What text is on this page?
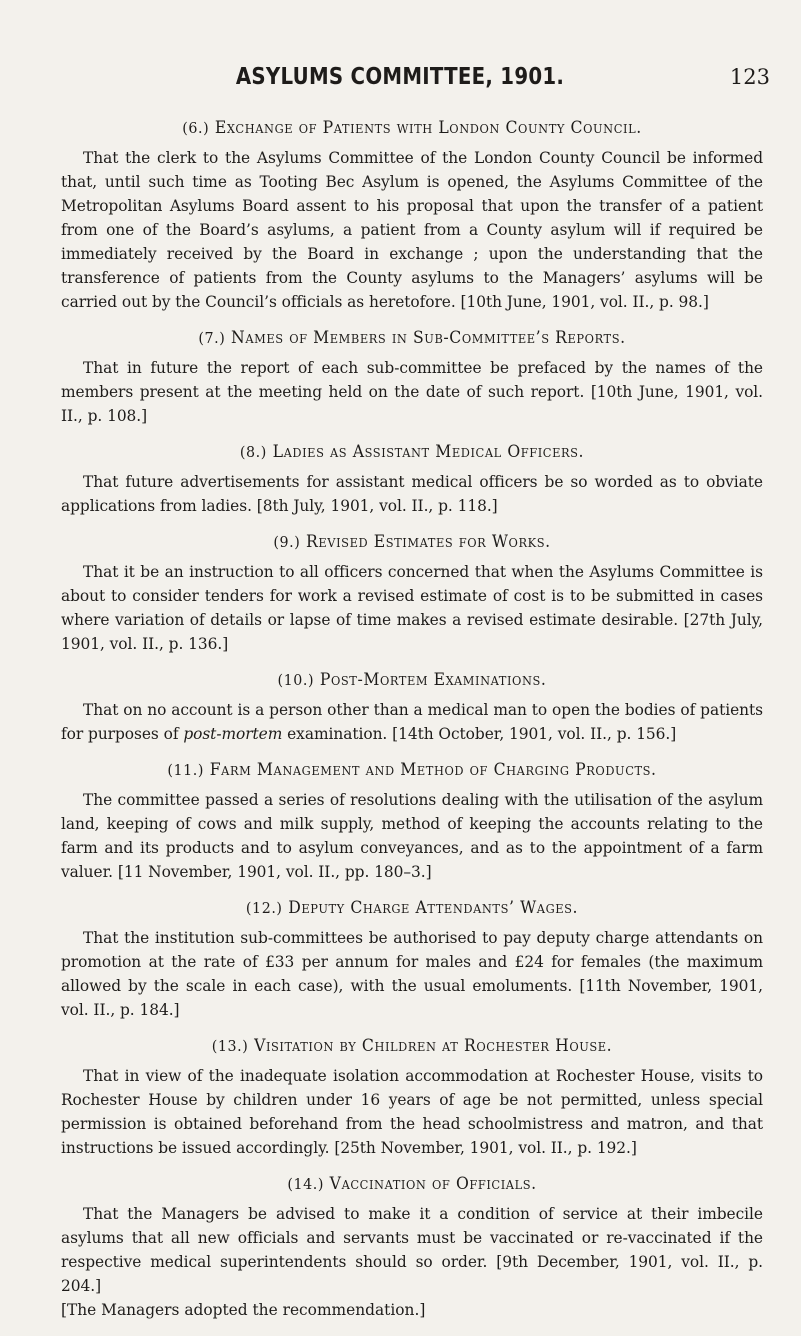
ASYLUMS COMMITTEE, 1901.	123
(6.) Exchange of Patients with London County Council.

That the clerk to the Asylums Committee of the London County Council be informed that, until such time as Tooting Bec Asylum is opened, the Asylums Committee of the Metropolitan Asylums Board assent to his proposal that upon the transfer of a patient from one of the Board’s asylums, a patient from a County asylum will if required be immediately received by the Board in exchange ; upon the understanding that the transference of patients from the County asylums to the Managers’ asylums will be carried out by the Council’s officials as heretofore. [10th June, 1901, vol. II., p. 98.]

(7.) Names of Members in Sub-Committee’s Reports.

That in future the report of each sub-committee be prefaced by the names of the members present at the meeting held on the date of such report. [10th June, 1901, vol. II., p. 108.]

(8.) Ladies as Assistant Medical Officers.

That future advertisements for assistant medical officers be so worded as to obviate applications from ladies. [8th July, 1901, vol. II., p. 118.]

(9.) Revised Estimates for Works.

That it be an instruction to all officers concerned that when the Asylums Committee is about to consider tenders for work a revised estimate of cost is to be submitted in cases where variation of details or lapse of time makes a revised estimate desirable. [27th July, 1901, vol. II., p. 136.]

(10.) Post-Mortem Examinations.

That on no account is a person other than a medical man to open the bodies of patients for purposes of post-mortem examination. [14th October, 1901, vol. II., p. 156.]

(11.) Farm Management and Method of Charging Products.

The committee passed a series of resolutions dealing with the utilisation of the asylum land, keeping of cows and milk supply, method of keeping the accounts relating to the farm and its products and to asylum conveyances, and as to the appointment of a farm valuer. [11 November, 1901, vol. II., pp. 180–3.]

(12.) Deputy Charge Attendants’ Wages.

That the institution sub-committees be authorised to pay deputy charge attendants on promotion at the rate of £33 per annum for males and £24 for females (the maximum allowed by the scale in each case), with the usual emoluments. [11th November, 1901, vol. II., p. 184.]

(13.) Visitation by Children at Rochester House.

That in view of the inadequate isolation accommodation at Rochester House, visits to Rochester House by children under 16 years of age be not permitted, unless special permission is obtained beforehand from the head schoolmistress and matron, and that instructions be issued accordingly. [25th November, 1901, vol. II., p. 192.]

(14.) Vaccination of Officials.

That the Managers be advised to make it a condition of service at their imbecile asylums that all new officials and servants must be vaccinated or re-vaccinated if the respective medical superintendents should so order. [9th December, 1901, vol. II., p. 204.]

[The Managers adopted the recommendation.]
